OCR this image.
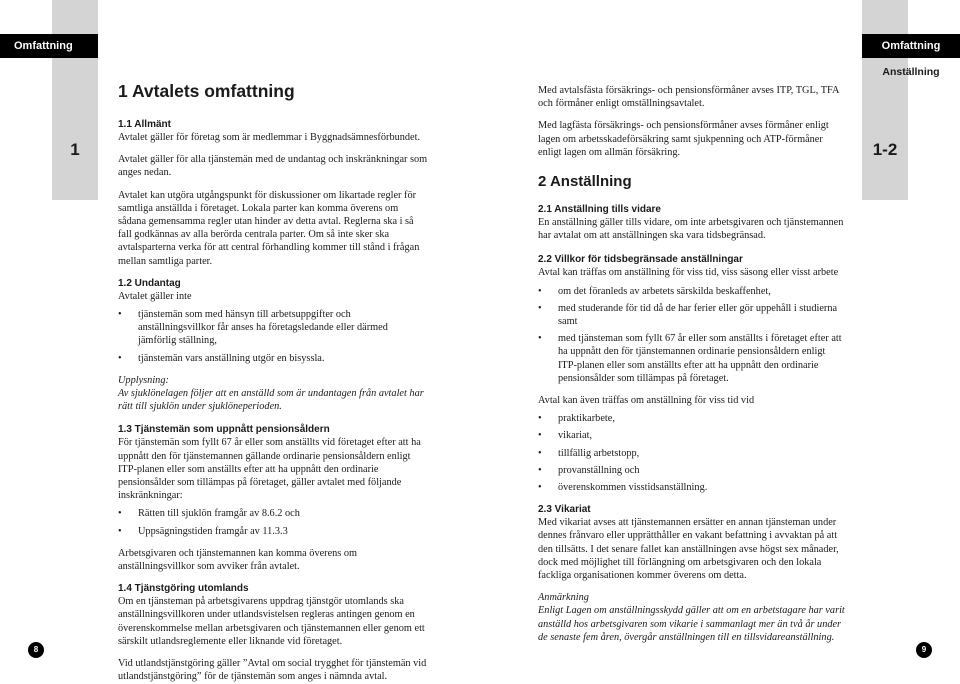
Omfattning	Omfattning
Anställning
1	1-2
1 Avtalets omfattning
1.1 Allmänt

Avtalet gäller för företag som är medlemmar i Byggnadsämnesförbundet.

Avtalet gäller för alla tjänstemän med de undantag och inskränkningar som anges nedan.

Avtalet kan utgöra utgångspunkt för diskussioner om likartade regler för samtliga anställda i företaget. Lokala parter kan komma överens om sådana gemensamma regler utan hinder av detta avtal. Reglerna ska i så fall godkännas av alla berörda centrala parter. Om så inte sker ska avtalsparterna verka för att central förhandling kommer till stånd i frågan mellan samtliga parter.

1.2 Undantag

Avtalet gäller inte

• tjänstemän som med hänsyn till arbetsuppgifter och anställningsvillkor får anses ha företagsledande eller därmed jämförlig ställning,
• tjänstemän vars anställning utgör en bisyssla.

Upplysning:

Av sjuklönelagen följer att en anställd som är undantagen från avtalet har rätt till sjuklön under sjuklöneperioden.

1.3 Tjänstemän som uppnått pensionsåldern

För tjänstemän som fyllt 67 år eller som anställts vid företaget efter att ha uppnått den för tjänstemannen gällande ordinarie pensionsåldern enligt ITP-planen eller som anställts efter att ha uppnått den ordinarie pensionsålder som tillämpas på företaget, gäller avtalet med följande inskränkningar:

• Rätten till sjuklön framgår av 8.6.2 och
• Uppsägningstiden framgår av 11.3.3

Arbetsgivaren och tjänstemannen kan komma överens om anställningsvillkor som avviker från avtalet.

1.4 Tjänstgöring utomlands

Om en tjänsteman på arbetsgivarens uppdrag tjänstgör utomlands ska anställningsvillkoren under utlandsvistelsen regleras antingen genom en överenskommelse mellan arbetsgivaren och tjänstemannen eller genom ett särskilt utlandsreglemente eller liknande vid företaget.

Vid utlandstjänstgöring gäller ”Avtal om social trygghet för tjänstemän vid utlandstjänstgöring” för de tjänstemän som anges i nämnda avtal.

8

Med avtalsfästa försäkrings- och pensionsförmåner avses ITP, TGL, TFA och förmåner enligt omställningsavtalet.

Med lagfästa försäkrings- och pensionsförmåner avses förmåner enligt lagen om arbetsskadeförsäkring samt sjukpenning och ATP-förmåner enligt lagen om allmän försäkring.

2 Anställning
2.1 Anställning tills vidare

En anställning gäller tills vidare, om inte arbetsgivaren och tjänstemannen har avtalat om att anställningen ska vara tidsbegränsad.

2.2 Villkor för tidsbegränsade anställningar

Avtal kan träffas om anställning för viss tid, viss säsong eller visst arbete

• om det föranleds av arbetets särskilda beskaffenhet,
• med studerande för tid då de har ferier eller gör uppehåll i studierna samt
• med tjänsteman som fyllt 67 år eller som anställts i företaget efter att ha uppnått den för tjänstemannen ordinarie pensionsåldern enligt ITP-planen eller som anställts efter att ha uppnått den ordinarie pensionsålder som tillämpas på företaget.

Avtal kan även träffas om anställning för viss tid vid

• praktikarbete,
• vikariat,
• tillfällig arbetstopp,
• provanställning och
• överenskommen visstidsanställning.
2.3 Vikariat

Med vikariat avses att tjänstemannen ersätter en annan tjänsteman under dennes frånvaro eller upprätthåller en vakant befattning i avvaktan på att den tillsätts. I det senare fallet kan anställningen avse högst sex månader, dock med möjlighet till förlängning om arbetsgivaren och den lokala fackliga organisationen kommer överens om detta.

Anmärkning

Enligt Lagen om anställningsskydd gäller att om en arbetstagare har varit anställd hos arbetsgivaren som vikarie i sammanlagt mer än två år under de senaste fem åren, övergår anställningen till en tillsvidareanställning.

9
